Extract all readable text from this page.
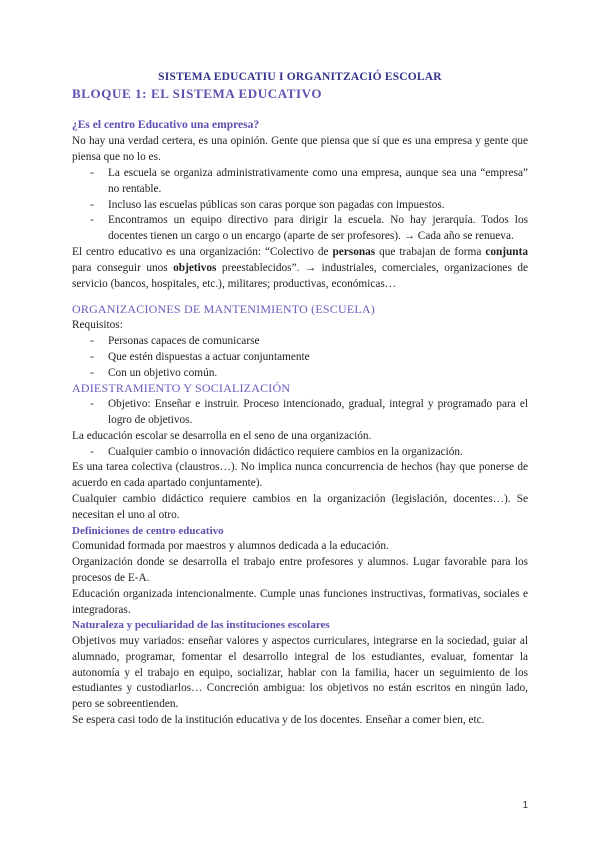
SISTEMA EDUCATIU I ORGANITZACIÓ ESCOLAR
BLOQUE 1: EL SISTEMA EDUCATIVO
¿Es el centro Educativo una empresa?

No hay una verdad certera, es una opinión. Gente que piensa que sí que es una empresa y gente que piensa que no lo es.

- La escuela se organiza administrativamente como una empresa, aunque sea una “empresa” no rentable.
- Incluso las escuelas públicas son caras porque son pagadas con impuestos.
- Encontramos un equipo directivo para dirigir la escuela. No hay jerarquía. Todos los docentes tienen un cargo o un encargo (aparte de ser profesores). → Cada año se renueva.

El centro educativo es una organización: “Colectivo de personas que trabajan de forma conjunta para conseguir unos objetivos preestablecidos”. → industriales, comerciales, organizaciones de servicio (bancos, hospitales, etc.), militares; productivas, económicas…

ORGANIZACIONES DE MANTENIMIENTO (ESCUELA)

Requisitos:

- Personas capaces de comunicarse
- Que estén dispuestas a actuar conjuntamente
- Con un objetivo común.
ADIESTRAMIENTO Y SOCIALIZACIÓN
- Objetivo: Enseñar e instruir. Proceso intencionado, gradual, integral y programado para el logro de objetivos.

La educación escolar se desarrolla en el seno de una organización.

- Cualquier cambio o innovación didáctico requiere cambios en la organización.

Es una tarea colectiva (claustros…). No implica nunca concurrencia de hechos (hay que ponerse de acuerdo en cada apartado conjuntamente).

Cualquier cambio didáctico requiere cambios en la organización (legislación, docentes…). Se necesitan el uno al otro.

Definiciones de centro educativo

Comunidad formada por maestros y alumnos dedicada a la educación.

Organización donde se desarrolla el trabajo entre profesores y alumnos. Lugar favorable para los procesos de E-A.

Educación organizada intencionalmente. Cumple unas funciones instructivas, formativas, sociales e integradoras.

Naturaleza y peculiaridad de las instituciones escolares

Objetivos muy variados: enseñar valores y aspectos curriculares, integrarse en la sociedad, guiar al alumnado, programar, fomentar el desarrollo integral de los estudiantes, evaluar, fomentar la autonomía y el trabajo en equipo, socializar, hablar con la familia, hacer un seguimiento de los estudiantes y custodiarlos… Concreción ambigua: los objetivos no están escritos en ningún lado, pero se sobreentienden.

Se espera casi todo de la institución educativa y de los docentes. Enseñar a comer bien, etc.

1
